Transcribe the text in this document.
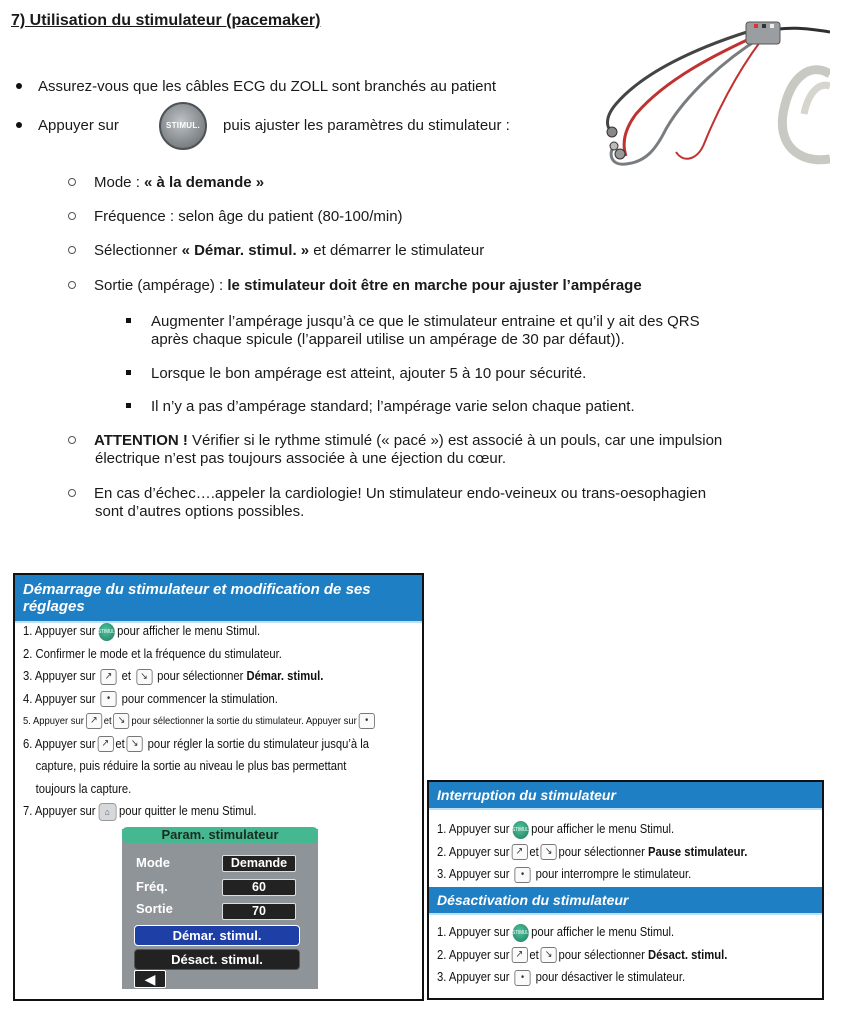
7) Utilisation du stimulateur (pacemaker)
Assurez-vous que les câbles ECG du ZOLL sont branchés au patient
Appuyer sur	STIMUL. puis ajuster les paramètres du stimulateur :
Mode : « à la demande »
Fréquence : selon âge du patient (80-100/min)
Sélectionner « Démar. stimul. » et démarrer le stimulateur
Sortie (ampérage) : le stimulateur doit être en marche pour ajuster l’ampérage
Augmenter l’ampérage jusqu’à ce que le stimulateur entraine et qu’il y ait des QRS
après chaque spicule (l’appareil utilise un ampérage de 30 par défaut)).
Lorsque le bon ampérage est atteint, ajouter 5 à 10 pour sécurité.
Il n’y a pas d’ampérage standard; l’ampérage varie selon chaque patient.
ATTENTION ! Vérifier si le rythme stimulé (« pacé ») est associé à un pouls, car une impulsion
électrique n’est pas toujours associée à une éjection du cœur.
En cas d’échec….appeler la cardiologie! Un stimulateur endo-veineux ou trans-oesophagien
sont d’autres options possibles.
Démarrage du stimulateur et modification de ses réglages
1. Appuyer sur STIMUL pour afficher le menu Stimul.
2. Confirmer le mode et la fréquence du stimulateur.
3. Appuyer sur ↗ et ↘ pour sélectionner Démar. stimul.
4. Appuyer sur • pour commencer la stimulation.
5. Appuyer sur ↗ et ↘ pour sélectionner la sortie du stimulateur. Appuyer sur •
6. Appuyer sur ↗ et ↘ pour régler la sortie du stimulateur jusqu’à la
capture, puis réduire la sortie au niveau le plus bas permettant
toujours la capture.
7. Appuyer sur ⌂ pour quitter le menu Stimul.
Param. stimulateur
Mode	Demande
Fréq.	60
Sortie	70
Démar. stimul.
Désact. stimul.
◀
Interruption du stimulateur
1. Appuyer sur STIMUL pour afficher le menu Stimul.
2. Appuyer sur ↗ et ↘ pour sélectionner Pause stimulateur.
3. Appuyer sur • pour interrompre le stimulateur.
Désactivation du stimulateur
1. Appuyer sur STIMUL pour afficher le menu Stimul.
2. Appuyer sur ↗ et ↘ pour sélectionner Désact. stimul.
3. Appuyer sur • pour désactiver le stimulateur.
